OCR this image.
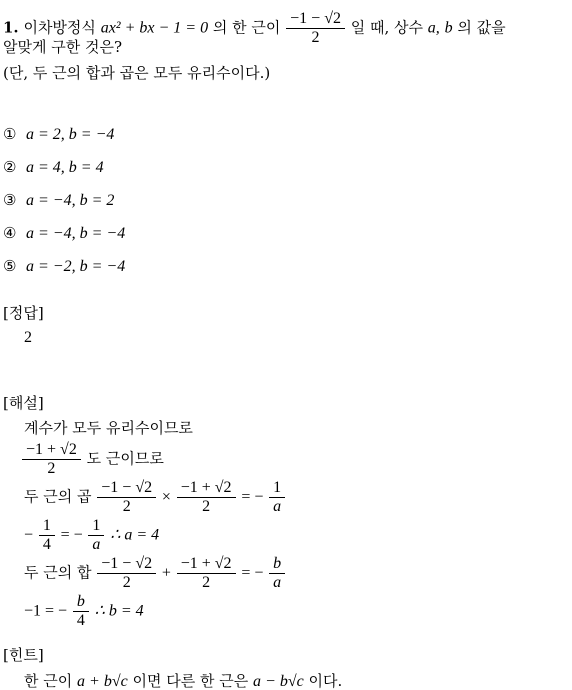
1. 이차방정식 ax² + bx − 1 = 0 의 한 근이 $\frac{-1 - √2}{2}$ 일 때, 상수 a, b 의 값을
알맞게 구한 것은?
(단, 두 근의 합과 곱은 모두 유리수이다.)
① a = 2, b = −4
② a = 4, b = 4
③ a = −4, b = 2
④ a = −4, b = −4
⑤ a = −2, b = −4
[정답]
2
[해설]
계수가 모두 유리수이므로
$\frac{-1 + √2}{2}$ 도 근이므로
두 근의 곱 $\frac{-1 - √2}{2} \times \frac{-1 + √2}{2}$ = − $\frac{1}{a}$
− $\frac{1}{4}$ = − $\frac{1}{a}$ ∴ a = 4
두 근의 합 $\frac{-1 - √2}{2} + \frac{-1 + √2}{2}$ = − $\frac{b}{a}$
−1 = − $\frac{b}{4}$ ∴ b = 4
[힌트]
한 근이 a + b√c 이면 다른 한 근은 a − b√c 이다.
